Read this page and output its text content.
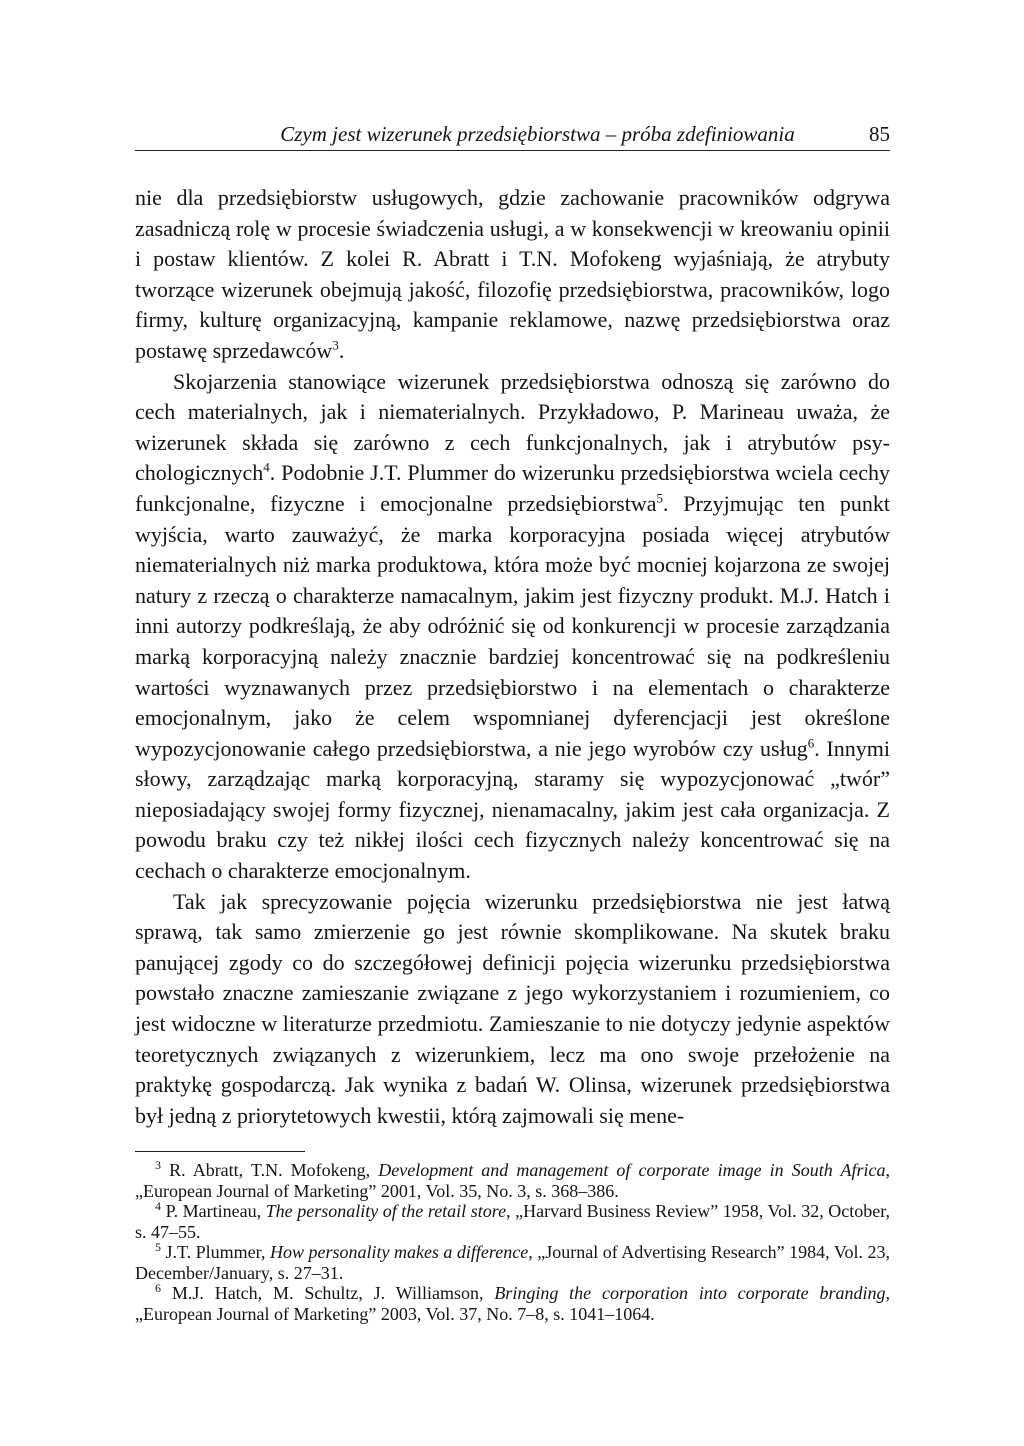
Czym jest wizerunek przedsiębiorstwa – próba zdefiniowania	85

nie dla przedsiębiorstw usługowych, gdzie zachowanie pracowników odgrywa zasadniczą rolę w procesie świadczenia usługi, a w konsekwencji w kreowaniu opinii i postaw klientów. Z kolei R. Abratt i T.N. Mofokeng wyjaśniają, że atrybuty tworzące wizerunek obejmują jakość, filozofię przedsiębiorstwa, pracowników, logo firmy, kulturę organizacyjną, kampanie reklamowe, nazwę przedsiębiorstwa oraz postawę sprzedawców$^3$.

Skojarzenia stanowiące wizerunek przedsiębiorstwa odnoszą się zarówno do cech materialnych, jak i niematerialnych. Przykładowo, P. Marineau uważa, że wizerunek składa się zarówno z cech funkcjonalnych, jak i atrybutów psychologicznych$^4$. Podobnie J.T. Plummer do wizerunku przedsiębiorstwa wciela cechy funkcjonalne, fizyczne i emocjonalne przedsiębiorstwa$^5$. Przyjmując ten punkt wyjścia, warto zauważyć, że marka korporacyjna posiada więcej atrybutów niematerialnych niż marka produktowa, która może być mocniej kojarzona ze swojej natury z rzeczą o charakterze namacalnym, jakim jest fizyczny produkt. M.J. Hatch i inni autorzy podkreślają, że aby odróżnić się od konkurencji w procesie zarządzania marką korporacyjną należy znacznie bardziej koncentrować się na podkreśleniu wartości wyznawanych przez przedsiębiorstwo i na elementach o charakterze emocjonalnym, jako że celem wspomnianej dyferencjacji jest określone wypozycjonowanie całego przedsiębiorstwa, a nie jego wyrobów czy usług$^6$. Innymi słowy, zarządzając marką korporacyjną, staramy się wypozycjonować „twór” nieposiadający swojej formy fizycznej, nienamacalny, jakim jest cała organizacja. Z powodu braku czy też nikłej ilości cech fizycznych należy koncentrować się na cechach o charakterze emocjonalnym.

Tak jak sprecyzowanie pojęcia wizerunku przedsiębiorstwa nie jest łatwą sprawą, tak samo zmierzenie go jest równie skomplikowane. Na skutek braku panującej zgody co do szczegółowej definicji pojęcia wizerunku przedsiębiorstwa powstało znaczne zamieszanie związane z jego wykorzystaniem i rozumieniem, co jest widoczne w literaturze przedmiotu. Zamieszanie to nie dotyczy jedynie aspektów teoretycznych związanych z wizerunkiem, lecz ma ono swoje przełożenie na praktykę gospodarczą. Jak wynika z badań W. Olinsa, wizerunek przedsiębiorstwa był jedną z priorytetowych kwestii, którą zajmowali się mene-

$^3$ R. Abratt, T.N. Mofokeng, Development and management of corporate image in South Africa, „European Journal of Marketing” 2001, Vol. 35, No. 3, s. 368–386.

$^4$ P. Martineau, The personality of the retail store, „Harvard Business Review” 1958, Vol. 32, October, s. 47–55.

$^5$ J.T. Plummer, How personality makes a difference, „Journal of Advertising Research” 1984, Vol. 23, December/January, s. 27–31.

$^6$ M.J. Hatch, M. Schultz, J. Williamson, Bringing the corporation into corporate branding, „European Journal of Marketing” 2003, Vol. 37, No. 7–8, s. 1041–1064.
